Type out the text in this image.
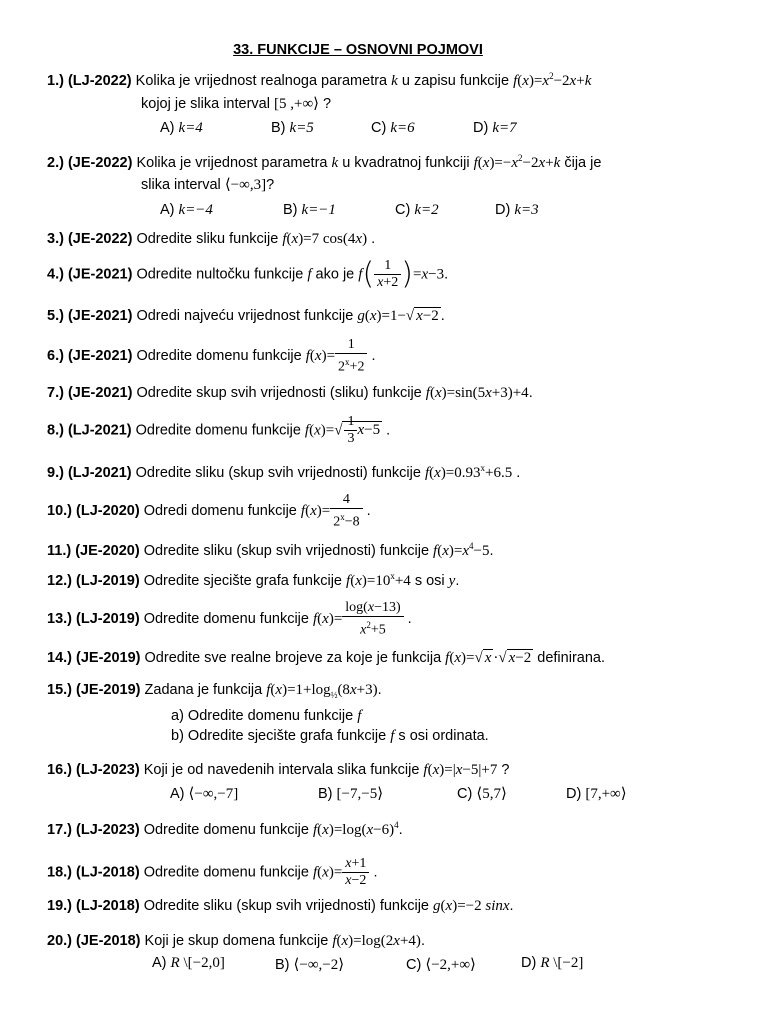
33. FUNKCIJE – OSNOVNI POJMOVI
1.) (LJ-2022) Kolika je vrijednost realnoga parametra k u zapisu funkcije $f(x)=x^2-2x+k$
kojoj je slika interval [5 ,+∞⟩ ?
A) k=4	B) k=5	C) k=6	D) k=7
2.) (JE-2022) Kolika je vrijednost parametra k u kvadratnoj funkciji $f(x)=-x^2-2x+k$ čija je
slika interval ⟨−∞,3]?
A) k=−4	B) k=−1	C) k=2	D) k=3
3.) (JE-2022) Odredite sliku funkcije f(x)=7 cos(4x) .
4.) (JE-2021) Odredite nultočku funkcije f ako je $f( \frac{1}{x+2} )=x-3$.
5.) (JE-2021) Odredi najveću vrijednost funkcije g(x)=1−√ x−2 .
6.) (JE-2021) Odredite domenu funkcije $f(x)= \frac{1}{2^x+2}$ .
7.) (JE-2021) Odredite skup svih vrijednosti (sliku) funkcije f(x)=sin(5x+3)+4.
8.) (LJ-2021) Odredite domenu funkcije $f(x)=√ \frac{1}{3} x-5$ .
9.) (LJ-2021) Odredite sliku (skup svih vrijednosti) funkcije $f(x)=0.93^x+6.5$ .
10.) (LJ-2020) Odredi domenu funkcije $f(x)= \frac{4}{2^x-8}$ .
11.) (JE-2020) Odredite sliku (skup svih vrijednosti) funkcije $f(x)=x^4-5$.
12.) (LJ-2019) Odredite sjecište grafa funkcije $f(x)=10^x+4$ s osi y.
13.) (LJ-2019) Odredite domenu funkcije $f(x)= \frac{\log(x-13)}{x^2+5}$ .
14.) (JE-2019) Odredite sve realne brojeve za koje je funkcija f(x)=√ x ·√ x−2 definirana.
15.) (JE-2019) Zadana je funkcija $f(x)=1+\log_{\frac{1}{2}}(8x+3)$.
a) Odredite domenu funkcije f
b) Odredite sjecište grafa funkcije f s osi ordinata.
16.) (LJ-2023) Koji je od navedenih intervala slika funkcije f(x)=|x−5|+7 ?
A) ⟨−∞,−7]	B) [−7,−5⟩	C) ⟨5,7⟩	D) [7,+∞⟩
17.) (LJ-2023) Odredite domenu funkcije $f(x)=\log(x-6)^4$.
18.) (LJ-2018) Odredite domenu funkcije $f(x)= \frac{x+1}{x-2}$ .
19.) (LJ-2018) Odredite sliku (skup svih vrijednosti) funkcije g(x)=−2 sinx.
20.) (JE-2018) Koji je skup domena funkcije f(x)=log(2x+4).
A) R \[−2,0]	B) ⟨−∞,−2⟩	C) ⟨−2,+∞⟩	D) R \[−2]
